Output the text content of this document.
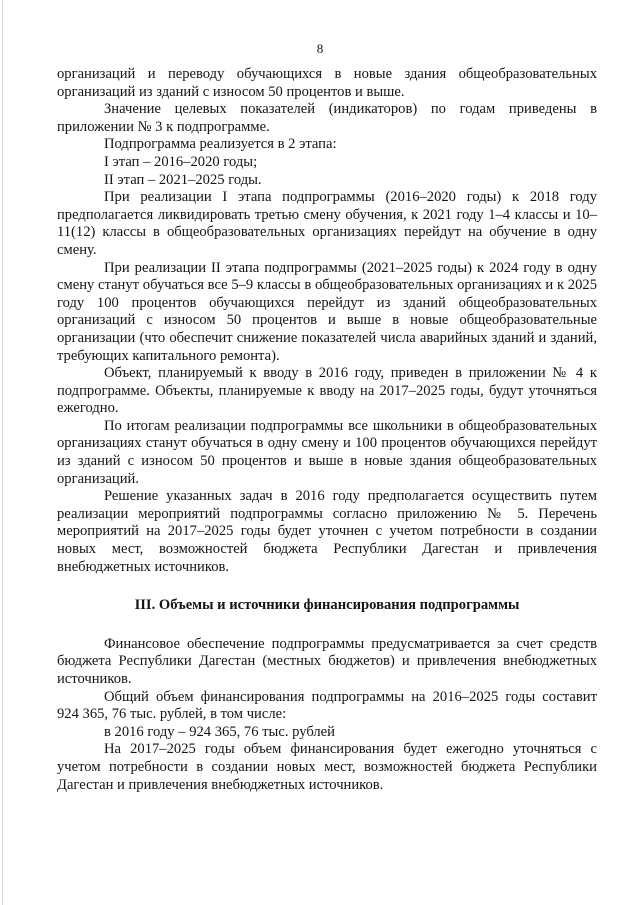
8

организаций и переводу обучающихся в новые здания общеобразовательных организаций из зданий с износом 50 процентов и выше.

Значение целевых показателей (индикаторов) по годам приведены в приложении № 3 к подпрограмме.

Подпрограмма реализуется в 2 этапа:

I этап – 2016–2020 годы;

II этап – 2021–2025 годы.

При реализации I этапа подпрограммы (2016–2020 годы) к 2018 году предполагается ликвидировать третью смену обучения, к 2021 году 1–4 классы и 10–11(12) классы в общеобразовательных организациях перейдут на обучение в одну смену.

При реализации II этапа подпрограммы (2021–2025 годы) к 2024 году в одну смену станут обучаться все 5–9 классы в общеобразовательных организациях и к 2025 году 100 процентов обучающихся перейдут из зданий общеобразовательных организаций с износом 50 процентов и выше в новые общеобразовательные организации (что обеспечит снижение показателей числа аварийных зданий и зданий, требующих капитального ремонта).

Объект, планируемый к вводу в 2016 году, приведен в приложении № 4 к подпрограмме. Объекты, планируемые к вводу на 2017–2025 годы, будут уточняться ежегодно.

По итогам реализации подпрограммы все школьники в общеобразовательных организациях станут обучаться в одну смену и 100 процентов обучающихся перейдут из зданий с износом 50 процентов и выше в новые здания общеобразовательных организаций.

Решение указанных задач в 2016 году предполагается осуществить путем реализации мероприятий подпрограммы согласно приложению № 5. Перечень мероприятий на 2017–2025 годы будет уточнен с учетом потребности в создании новых мест, возможностей бюджета Республики Дагестан и привлечения внебюджетных источников.

III. Объемы и источники финансирования подпрограммы

Финансовое обеспечение подпрограммы предусматривается за счет средств бюджета Республики Дагестан (местных бюджетов) и привлечения внебюджетных источников.

Общий объем финансирования подпрограммы на 2016–2025 годы составит 924 365, 76 тыс. рублей, в том числе:

в 2016 году – 924 365, 76 тыс. рублей

На 2017–2025 годы объем финансирования будет ежегодно уточняться с учетом потребности в создании новых мест, возможностей бюджета Республики Дагестан и привлечения внебюджетных источников.
